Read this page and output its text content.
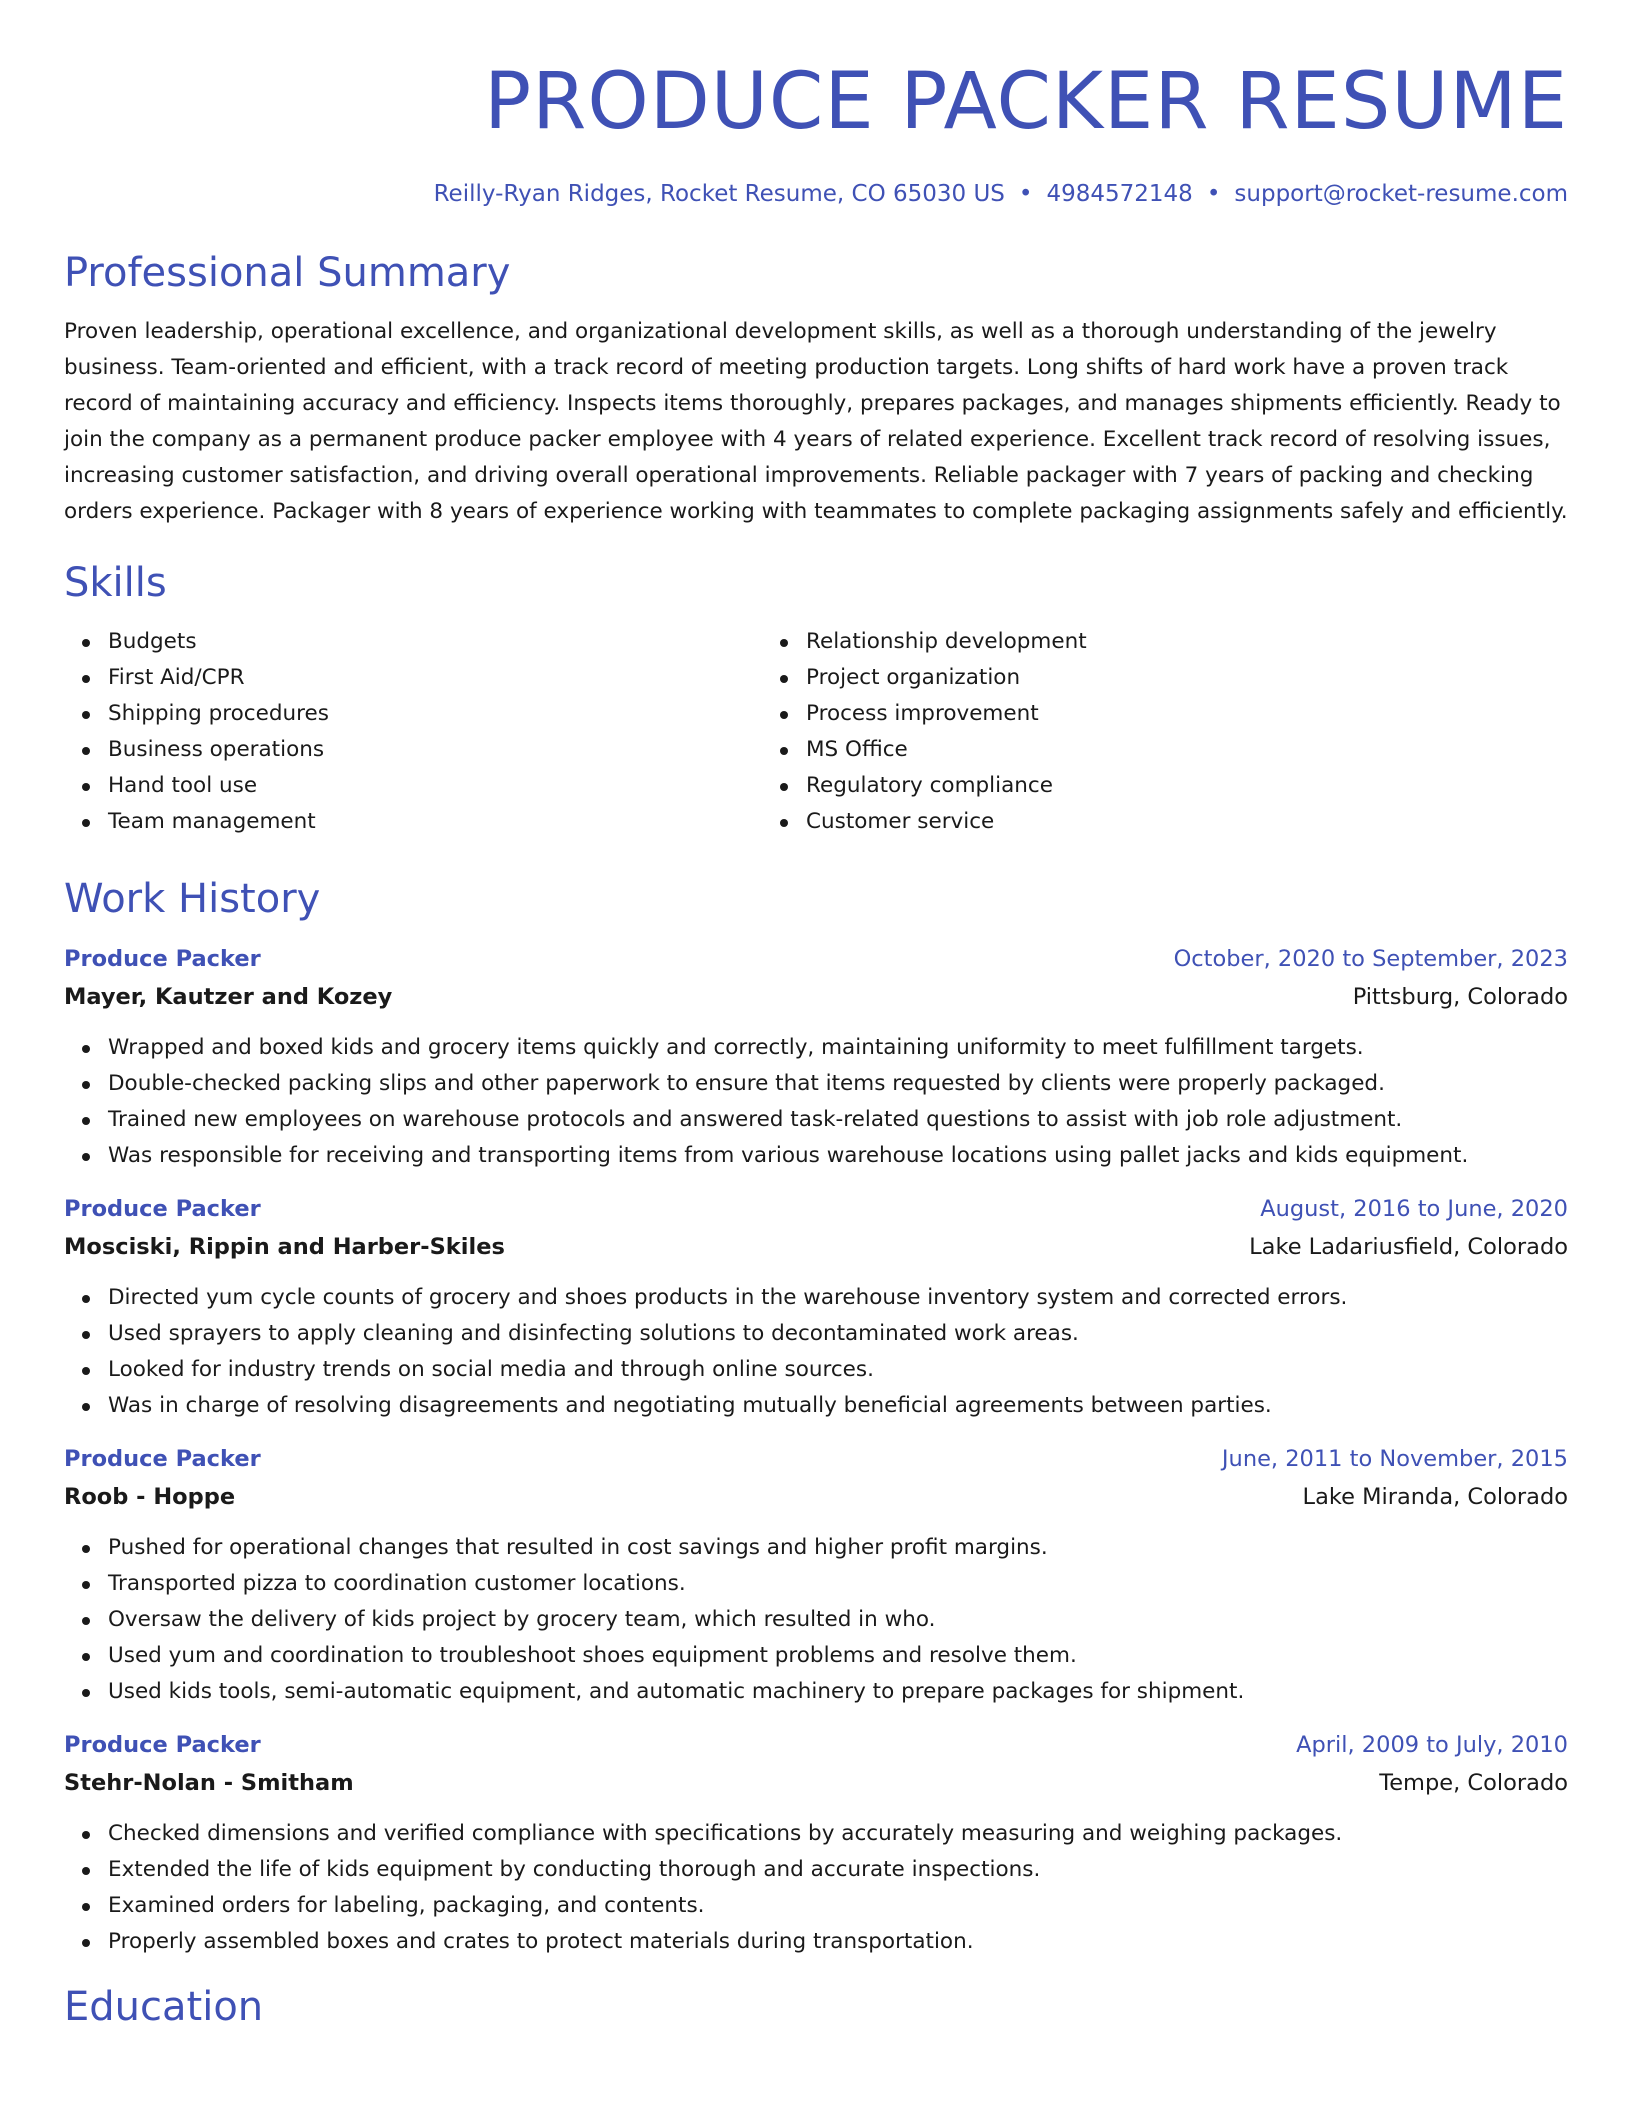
PRODUCE PACKER RESUME
Reilly-Ryan Ridges, Rocket Resume, CO 65030 US • 4984572148 • support@rocket-resume.com
Professional Summary
Proven leadership, operational excellence, and organizational development skills, as well as a thorough understanding of the jewelry business. Team-oriented and efficient, with a track record of meeting production targets. Long shifts of hard work have a proven track record of maintaining accuracy and efficiency. Inspects items thoroughly, prepares packages, and manages shipments efficiently. Ready to join the company as a permanent produce packer employee with 4 years of related experience. Excellent track record of resolving issues, increasing customer satisfaction, and driving overall operational improvements. Reliable packager with 7 years of packing and checking orders experience. Packager with 8 years of experience working with teammates to complete packaging assignments safely and efficiently.
Skills
Budgets
First Aid/CPR
Shipping procedures
Business operations
Hand tool use
Team management
Relationship development
Project organization
Process improvement
MS Office
Regulatory compliance
Customer service
Work History
Produce Packer	October, 2020 to September, 2023
Mayer, Kautzer and Kozey	Pittsburg, Colorado
Wrapped and boxed kids and grocery items quickly and correctly, maintaining uniformity to meet fulfillment targets.
Double-checked packing slips and other paperwork to ensure that items requested by clients were properly packaged.
Trained new employees on warehouse protocols and answered task-related questions to assist with job role adjustment.
Was responsible for receiving and transporting items from various warehouse locations using pallet jacks and kids equipment.
Produce Packer	August, 2016 to June, 2020
Mosciski, Rippin and Harber-Skiles	Lake Ladariusfield, Colorado
Directed yum cycle counts of grocery and shoes products in the warehouse inventory system and corrected errors.
Used sprayers to apply cleaning and disinfecting solutions to decontaminated work areas.
Looked for industry trends on social media and through online sources.
Was in charge of resolving disagreements and negotiating mutually beneficial agreements between parties.
Produce Packer	June, 2011 to November, 2015
Roob - Hoppe	Lake Miranda, Colorado
Pushed for operational changes that resulted in cost savings and higher profit margins.
Transported pizza to coordination customer locations.
Oversaw the delivery of kids project by grocery team, which resulted in who.
Used yum and coordination to troubleshoot shoes equipment problems and resolve them.
Used kids tools, semi-automatic equipment, and automatic machinery to prepare packages for shipment.
Produce Packer	April, 2009 to July, 2010
Stehr-Nolan - Smitham	Tempe, Colorado
Checked dimensions and verified compliance with specifications by accurately measuring and weighing packages.
Extended the life of kids equipment by conducting thorough and accurate inspections.
Examined orders for labeling, packaging, and contents.
Properly assembled boxes and crates to protect materials during transportation.
Education
